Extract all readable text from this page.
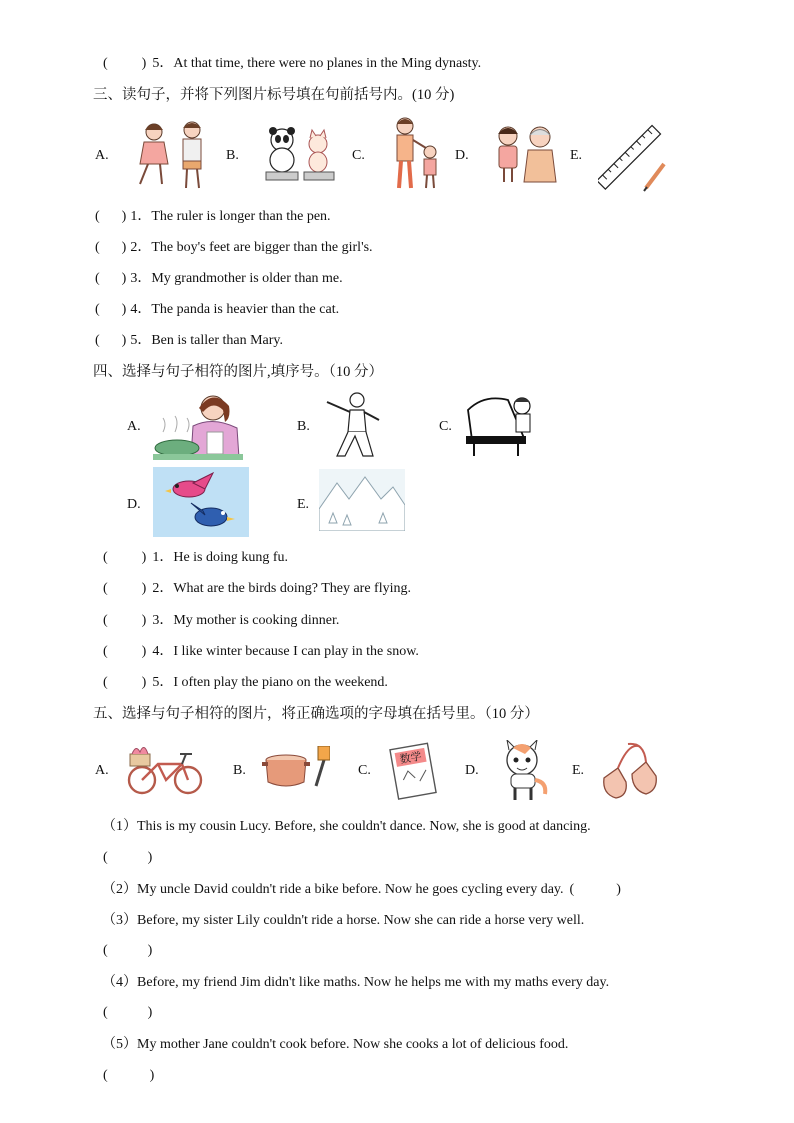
( ) 5．At that time, there were no planes in the Ming dynasty.
三、读句子，并将下列图片标号填在句前括号内。(10 分)
A.	B.	C.	D.	E.
( ) 1．The ruler is longer than the pen.
( ) 2．The boy's feet are bigger than the girl's.
( ) 3．My grandmother is older than me.
( ) 4．The panda is heavier than the cat.
( ) 5．Ben is taller than Mary.
四、选择与句子相符的图片,填序号。（10 分）
A.	B.	C.
D.	E.
( ) 1．He is doing kung fu.
( ) 2．What are the birds doing? They are flying.
( ) 3．My mother is cooking dinner.
( ) 4．I like winter because I can play in the snow.
( ) 5．I often play the piano on the weekend.
五、选择与句子相符的图片，将正确选项的字母填在括号里。（10 分）
A.	B.	C.
数学
D.	E.
（1）This is my cousin Lucy. Before, she couldn't dance. Now, she is good at dancing.
(	)
（2）My uncle David couldn't ride a bike before. Now he goes cycling every day. (	)
（3）Before, my sister Lily couldn't ride a horse. Now she can ride a horse very well.
(	)
（4）Before, my friend Jim didn't like maths. Now he helps me with my maths every day.
(	)
（5）My mother Jane couldn't cook before. Now she cooks a lot of delicious food.
(	)
